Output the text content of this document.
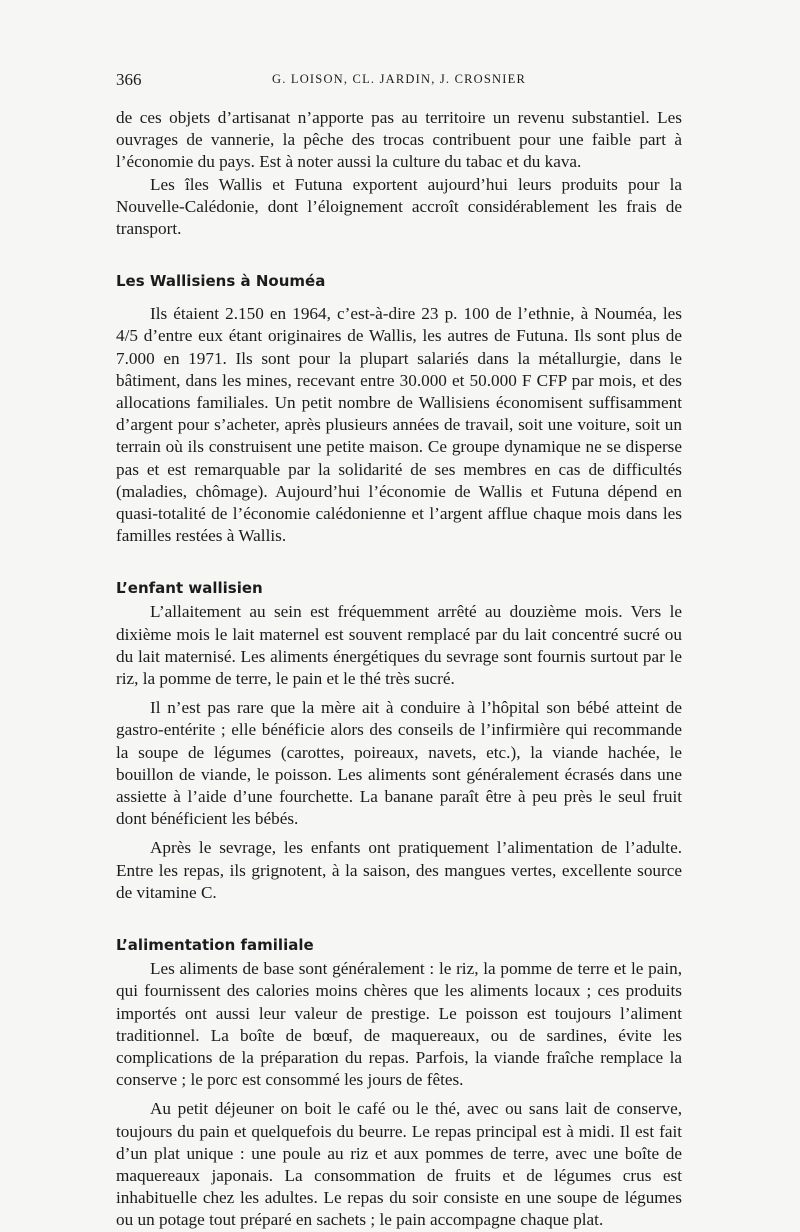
366	G. LOISON, CL. JARDIN, J. CROSNIER

de ces objets d’artisanat n’apporte pas au territoire un revenu substantiel. Les ouvrages de vannerie, la pêche des trocas contribuent pour une faible part à l’économie du pays. Est à noter aussi la culture du tabac et du kava.

Les îles Wallis et Futuna exportent aujourd’hui leurs produits pour la Nouvelle-Calédonie, dont l’éloignement accroît considérablement les frais de transport.

Les Wallisiens à Nouméa

Ils étaient 2.150 en 1964, c’est-à-dire 23 p. 100 de l’ethnie, à Nouméa, les 4/5 d’entre eux étant originaires de Wallis, les autres de Futuna. Ils sont plus de 7.000 en 1971. Ils sont pour la plupart salariés dans la métallurgie, dans le bâtiment, dans les mines, recevant entre 30.000 et 50.000 F CFP par mois, et des allocations familiales. Un petit nombre de Wallisiens économisent suffisamment d’argent pour s’acheter, après plusieurs années de travail, soit une voiture, soit un terrain où ils construisent une petite maison. Ce groupe dynamique ne se disperse pas et est remarquable par la solidarité de ses membres en cas de difficultés (maladies, chômage). Aujourd’hui l’économie de Wallis et Futuna dépend en quasi-totalité de l’économie calédonienne et l’argent afflue chaque mois dans les familles restées à Wallis.

L’enfant wallisien

L’allaitement au sein est fréquemment arrêté au douzième mois. Vers le dixième mois le lait maternel est souvent remplacé par du lait concentré sucré ou du lait maternisé. Les aliments énergétiques du sevrage sont fournis surtout par le riz, la pomme de terre, le pain et le thé très sucré.

Il n’est pas rare que la mère ait à conduire à l’hôpital son bébé atteint de gastro-entérite ; elle bénéficie alors des conseils de l’infirmière qui recommande la soupe de légumes (carottes, poireaux, navets, etc.), la viande hachée, le bouillon de viande, le poisson. Les aliments sont généralement écrasés dans une assiette à l’aide d’une fourchette. La banane paraît être à peu près le seul fruit dont bénéficient les bébés.

Après le sevrage, les enfants ont pratiquement l’alimentation de l’adulte. Entre les repas, ils grignotent, à la saison, des mangues vertes, excellente source de vitamine C.

L’alimentation familiale

Les aliments de base sont généralement : le riz, la pomme de terre et le pain, qui fournissent des calories moins chères que les aliments locaux ; ces produits importés ont aussi leur valeur de prestige. Le poisson est toujours l’aliment traditionnel. La boîte de bœuf, de maquereaux, ou de sardines, évite les complications de la préparation du repas. Parfois, la viande fraîche remplace la conserve ; le porc est consommé les jours de fêtes.

Au petit déjeuner on boit le café ou le thé, avec ou sans lait de conserve, toujours du pain et quelquefois du beurre. Le repas principal est à midi. Il est fait d’un plat unique : une poule au riz et aux pommes de terre, avec une boîte de maquereaux japonais. La consommation de fruits et de légumes crus est inhabituelle chez les adultes. Le repas du soir consiste en une soupe de légumes ou un potage tout préparé en sachets ; le pain accompagne chaque plat.
